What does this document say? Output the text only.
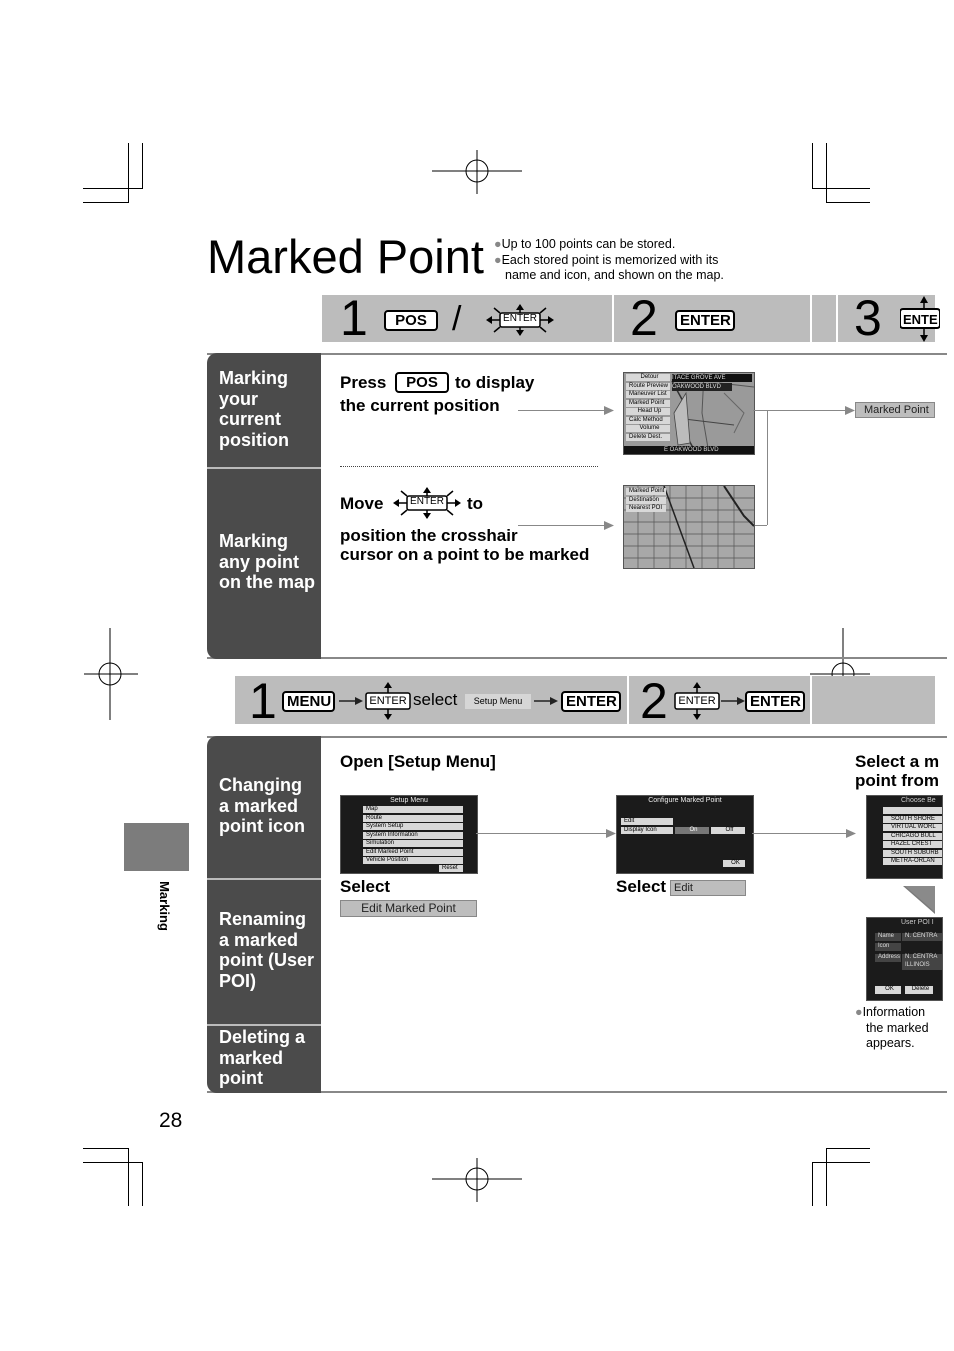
Marked Point ●Up to 100 points can be stored.
●Each stored point is memorized with its
name and icon, and shown on the map.
1	POS /	ENTER 2	ENTER 3 ENTE
Marking your current position
Marking any point on the map
Press	POS	to display
the current position
ITACE GROVE AVE
OAKWOOD BLVD
E OAKWOOD BLVD
Detour
Route Preview
Maneuver List
Marked Point
Head Up
Calc Method
Volume
Delete Dest.
Marked Point
Move	ENTER to
position the crosshair
cursor on a point to be marked
Marked Point
Destination
Nearest POI
1 MENU	ENTER select	Setup Menu	ENTER 2 ENTER	ENTER
Changing a marked point icon
Renaming a marked point (User POI)
Deleting a marked point
Open [Setup Menu]	Select a m
point from
Setup Menu
Map
Route
System Setup
System Information
Simulation
Edit Marked Point
Vehicle Position
Reset
Select
Edit Marked Point
Configure Marked Point
Edit
Display Icon	On	Off
OK
Select Edit
Choose Be
SOUTH SHORE
VIRTUAL WORL
CHICAGO BULL
HAZEL CREST
SOUTH SUBURB
METRA-ORLAN
User POI I
Name	N. CENTRA
Icon
Address N. CENTRA
ILLINOIS
OK	Delete
●Information
the marked
appears.
Marking
28
